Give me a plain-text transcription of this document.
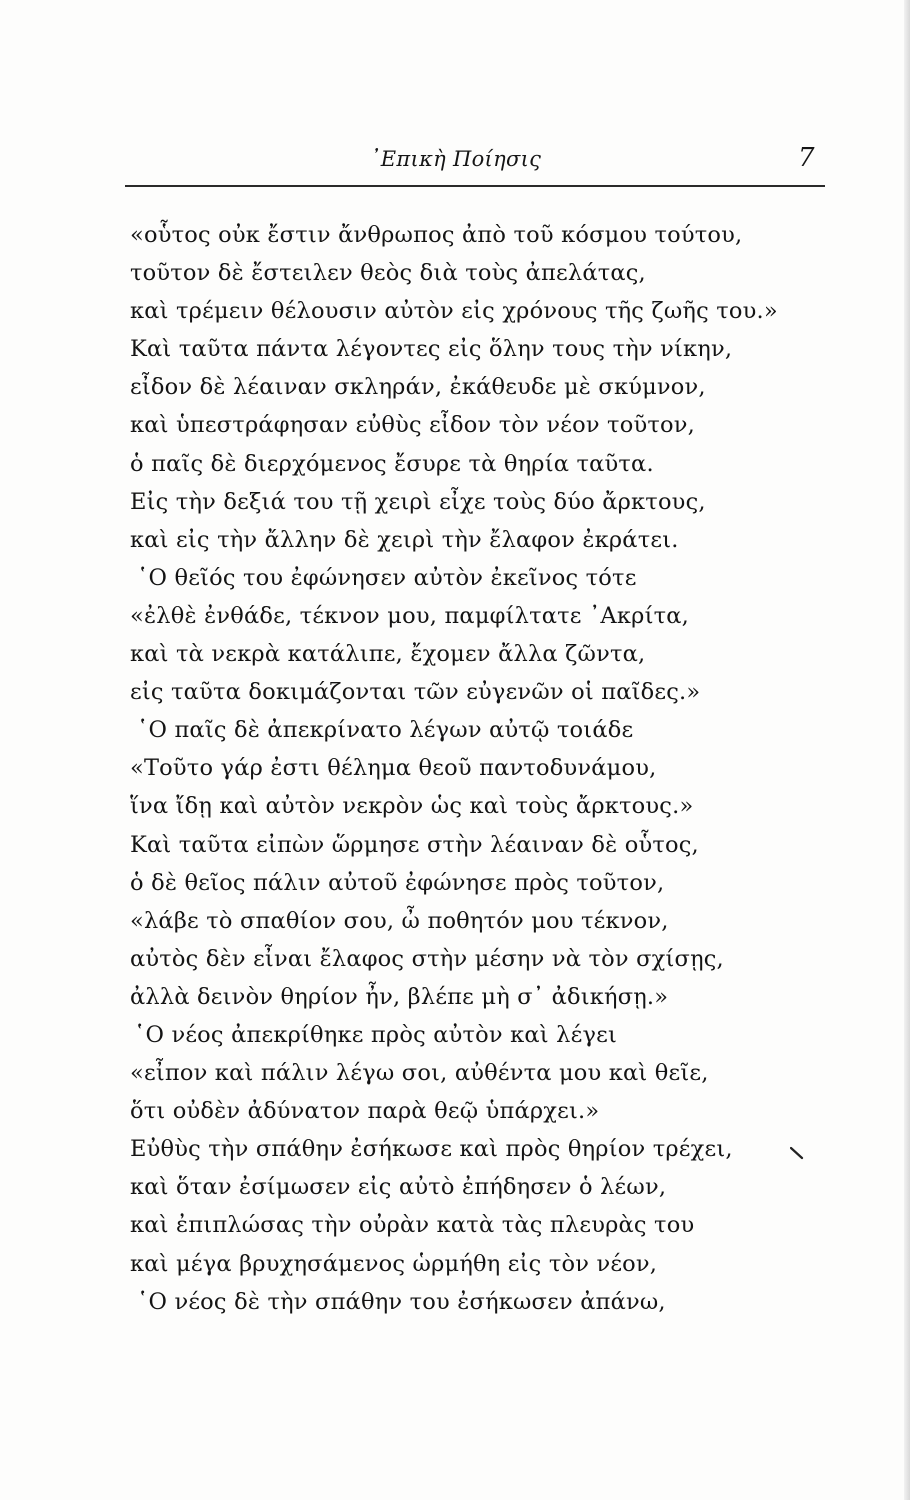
᾿Επικὴ Ποίησις	7
«οὗτος οὐκ ἔστιν ἄνθρωπος ἀπὸ τοῦ κόσμου τούτου,
τοῦτον δὲ ἔστειλεν θεὸς διὰ τοὺς ἀπελάτας,
καὶ τρέμειν θέλουσιν αὐτὸν εἰς χρόνους τῆς ζωῆς του.»
Καὶ ταῦτα πάντα λέγοντες εἰς ὅλην τους τὴν νίκην,
εἶδον δὲ λέαιναν σκληράν, ἐκάθευδε μὲ σκύμνον,
καὶ ὑπεστράφησαν εὐθὺς εἶδον τὸν νέον τοῦτον,
ὁ παῖς δὲ διερχόμενος ἔσυρε τὰ θηρία ταῦτα.
Εἰς τὴν δεξιά του τῇ χειρὶ εἶχε τοὺς δύο ἄρκτους,
καὶ εἰς τὴν ἄλλην δὲ χειρὶ τὴν ἔλαφον ἐκράτει.
῾Ο θεῖός του ἐφώνησεν αὐτὸν ἐκεῖνος τότε
«ἐλθὲ ἐνθάδε, τέκνον μου, παμφίλτατε ᾿Ακρίτα,
καὶ τὰ νεκρὰ κατάλιπε, ἔχομεν ἄλλα ζῶντα,
εἰς ταῦτα δοκιμάζονται τῶν εὐγενῶν οἱ παῖδες.»
῾Ο παῖς δὲ ἀπεκρίνατο λέγων αὐτῷ τοιάδε
«Τοῦτο γάρ ἐστι θέλημα θεοῦ παντοδυνάμου,
ἵνα ἴδῃ καὶ αὐτὸν νεκρὸν ὡς καὶ τοὺς ἄρκτους.»
Καὶ ταῦτα εἰπὼν ὥρμησε στὴν λέαιναν δὲ οὗτος,
ὁ δὲ θεῖος πάλιν αὐτοῦ ἐφώνησε πρὸς τοῦτον,
«λάβε τὸ σπαθίον σου, ὦ ποθητόν μου τέκνον,
αὐτὸς δὲν εἶναι ἔλαφος στὴν μέσην νὰ τὸν σχίσῃς,
ἀλλὰ δεινὸν θηρίον ἦν, βλέπε μὴ σ᾿ ἀδικήσῃ.»
῾Ο νέος ἀπεκρίθηκε πρὸς αὐτὸν καὶ λέγει
«εἶπον καὶ πάλιν λέγω σοι, αὐθέντα μου καὶ θεῖε,
ὅτι οὐδὲν ἀδύνατον παρὰ θεῷ ὑπάρχει.»
Εὐθὺς τὴν σπάθην ἐσήκωσε καὶ πρὸς θηρίον τρέχει,
καὶ ὅταν ἐσίμωσεν εἰς αὐτὸ ἐπήδησεν ὁ λέων,
καὶ ἐπιπλώσας τὴν οὐρὰν κατὰ τὰς πλευρὰς του
καὶ μέγα βρυχησάμενος ὡρμήθη εἰς τὸν νέον,
῾Ο νέος δὲ τὴν σπάθην του ἐσήκωσεν ἀπάνω,
